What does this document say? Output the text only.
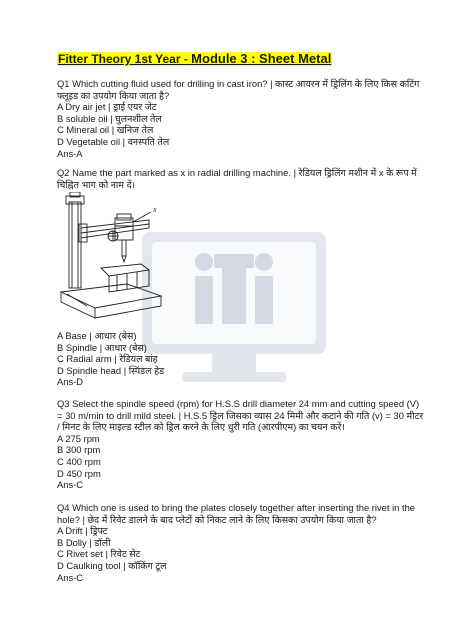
Fitter Theory 1st Year - Module 3 : Sheet Metal

Q1 Which cutting fluid used for drilling in cast iron? | कास्ट आयरन में ड्रिलिंग के लिए किस कटिंग फ्लूइड का उपयोग किया जाता है?

A Dry air jet | ड्राई एयर जेट

B soluble oil | घुलनशील तेल

C Mineral oil | खनिज तेल

D Vegetable oil | वनस्पति तेल

Ans-A

Q2 Name the part marked as x in radial drilling machine. | रेडियल ड्रिलिंग मशीन में x के रूप में चिह्नित भाग को नाम दें।

x

A Base | आधार (बेस)

B Spindle | आधार (बेस)

C Radial arm | रेडियल बांह

D Spindle head | स्पिंडल हेड

Ans-D

Q3 Select the spindle speed (rpm) for H.S.S drill diameter 24 mm and cutting speed (V) = 30 m/min to drill mild steel. | H.S.5 ड्रिल जिसका व्यास 24 मिमी और कटाने की गति (v) = 30 मीटर / मिनट के लिए माइल्ड स्टील को ड्रिल करने के लिए धुरी गति (आरपीएम) का चयन करें।

A 275 rpm

B 300 rpm

C 400 rpm

D 450 rpm

Ans-C

Q4 Which one is used to bring the plates closely together after inserting the rivet in the hole? | छेद में रिवेट डालने के बाद प्लेटों को निकट लाने के लिए किसका उपयोग किया जाता है?

A Drift | ड्रिफ्ट

B Dolly | डॉली

C Rivet set | रिवेट सेट

D Caulking tool | कॉकिंग टूल

Ans-C
